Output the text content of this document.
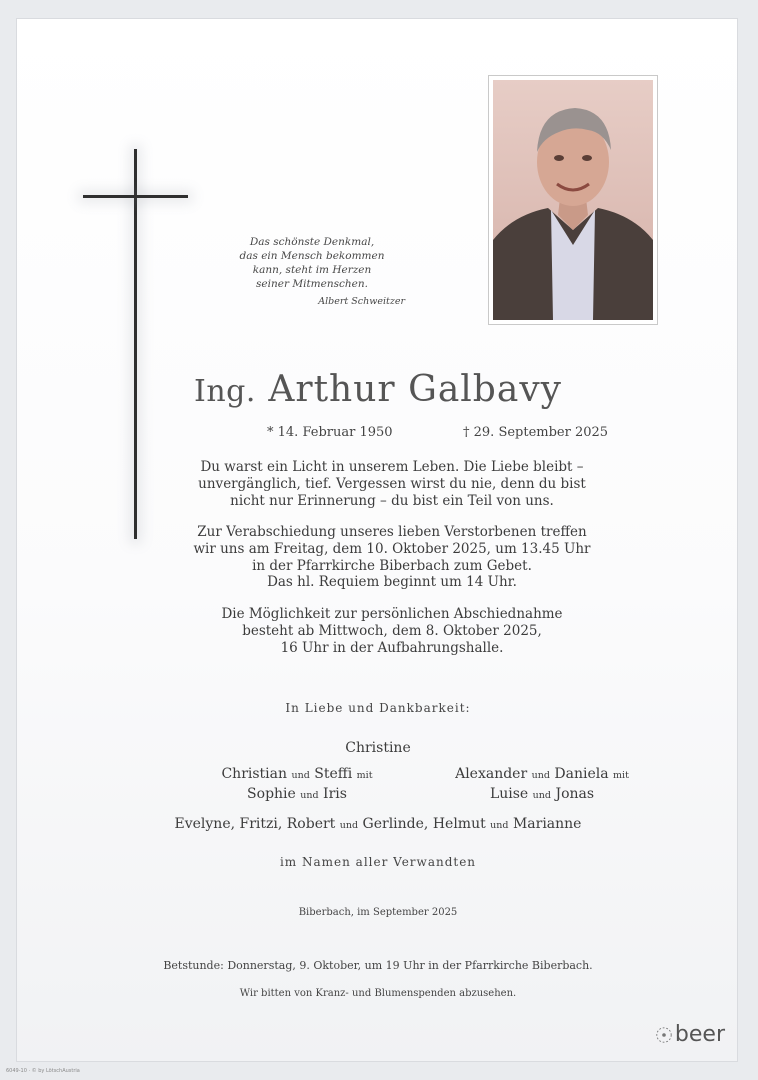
Das schönste Denkmal,
das ein Mensch bekommen
kann, steht im Herzen
seiner Mitmenschen.
Albert Schweitzer
Ing. Arthur Galbavy
* 14. Februar 1950	† 29. September 2025
Du warst ein Licht in unserem Leben. Die Liebe bleibt –
unvergänglich, tief. Vergessen wirst du nie, denn du bist
nicht nur Erinnerung – du bist ein Teil von uns.
Zur Verabschiedung unseres lieben Verstorbenen treffen
wir uns am Freitag, dem 10. Oktober 2025, um 13.45 Uhr
in der Pfarrkirche Biberbach zum Gebet.
Das hl. Requiem beginnt um 14 Uhr.
Die Möglichkeit zur persönlichen Abschiednahme
besteht ab Mittwoch, dem 8. Oktober 2025,
16 Uhr in der Aufbahrungshalle.
In Liebe und Dankbarkeit:
Christine
Christian und Steffi mit
Sophie und Iris
Alexander und Daniela mit
Luise und Jonas
Evelyne, Fritzi, Robert und Gerlinde, Helmut und Marianne
im Namen aller Verwandten
Biberbach, im September 2025
Betstunde: Donnerstag, 9. Oktober, um 19 Uhr in der Pfarrkirche Biberbach.
Wir bitten von Kranz- und Blumenspenden abzusehen.
beer
6049-10 · © by LötschAustria
